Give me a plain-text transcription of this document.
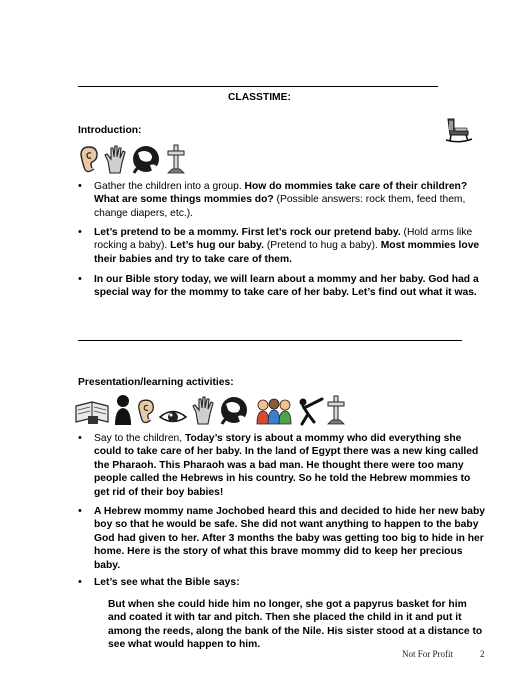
CLASSTIME:
Introduction:
• Gather the children into a group. How do mommies take care of their children? What are some things mommies do? (Possible answers: rock them, feed them, change diapers, etc.).
• Let’s pretend to be a mommy. First let’s rock our pretend baby. (Hold arms like rocking a baby). Let’s hug our baby. (Pretend to hug a baby). Most mommies love their babies and try to take care of them.
• In our Bible story today, we will learn about a mommy and her baby. God had a special way for the mommy to take care of her baby. Let’s find out what it was.
Presentation/learning activities:
• Say to the children, Today’s story is about a mommy who did everything she could to take care of her baby. In the land of Egypt there was a new king called the Pharaoh. This Pharaoh was a bad man. He thought there were too many people called the Hebrews in his country. So he told the Hebrew mommies to get rid of their boy babies!
• A Hebrew mommy name Jochobed heard this and decided to hide her new baby boy so that he would be safe. She did not want anything to happen to the baby God had given to her. After 3 months the baby was getting too big to hide in her home. Here is the story of what this brave mommy did to keep her precious baby.
• Let’s see what the Bible says:
But when she could hide him no longer, she got a papyrus basket for him and coated it with tar and pitch. Then she placed the child in it and put it among the reeds, along the bank of the Nile. His sister stood at a distance to see what would happen to him.
Not For Profit	2
